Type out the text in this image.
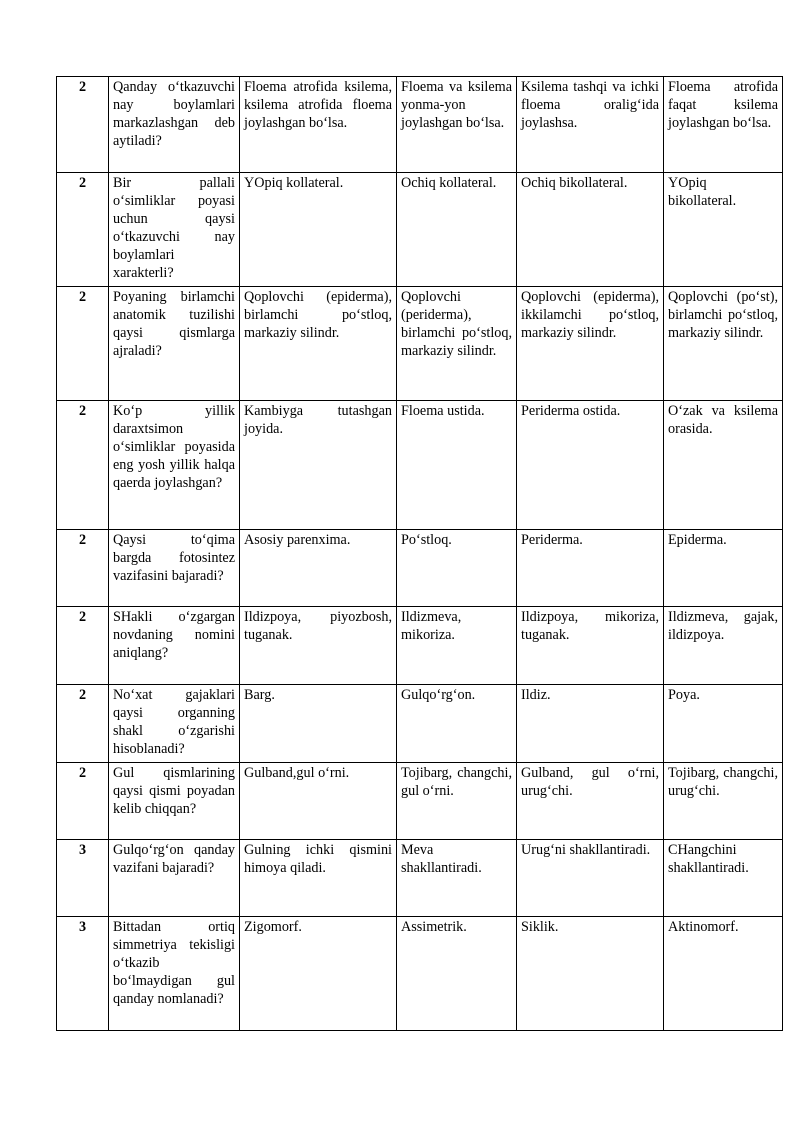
2	Qanday o‘tkazuvchi nay boylamlari markazlashgan deb aytiladi?	Floema atrofida ksilema, ksilema atrofida floema joylashgan bo‘lsa.	Floema va ksilema yonma-yon joylashgan bo‘lsa.	Ksilema tashqi va ichki floema oralig‘ida joylashsa.	Floema atrofida faqat ksilema joylashgan bo‘lsa.
2	Bir pallali o‘simliklar poyasi uchun qaysi o‘tkazuvchi nay boylamlari xarakterli?	YOpiq kollateral.	Ochiq kollateral.	Ochiq bikollateral.	YOpiq bikollateral.
2	Poyaning birlamchi anatomik tuzilishi qaysi qismlarga ajraladi?	Qoplovchi (epiderma), birlamchi po‘stloq, markaziy silindr.	Qoplovchi (periderma), birlamchi po‘stloq, markaziy silindr.	Qoplovchi (epiderma), ikkilamchi po‘stloq, markaziy silindr.	Qoplovchi (po‘st), birlamchi po‘stloq, markaziy silindr.
2	Ko‘p yillik daraxtsimon o‘simliklar poyasida eng yosh yillik halqa qaerda joylashgan?	Kambiyga tutashgan joyida.	Floema ustida.	Periderma ostida.	O‘zak va ksilema orasida.
2	Qaysi to‘qima bargda fotosintez vazifasini bajaradi?	Asosiy parenxima.	Po‘stloq.	Periderma.	Epiderma.
2	SHakli o‘zgargan novdaning nomini aniqlang?	Ildizpoya, piyozbosh, tuganak.	Ildizmeva, mikoriza.	Ildizpoya, mikoriza, tuganak.	Ildizmeva, gajak, ildizpoya.
2	No‘xat gajaklari qaysi organning shakl o‘zgarishi hisoblanadi?	Barg.	Gulqo‘rg‘on.	Ildiz.	Poya.
2	Gul qismlarining qaysi qismi poyadan kelib chiqqan?	Gulband,gul o‘rni.	Tojibarg, changchi, gul o‘rni.	Gulband, gul o‘rni, urug‘chi.	Tojibarg, changchi, urug‘chi.
3	Gulqo‘rg‘on qanday vazifani bajaradi?	Gulning ichki qismini himoya qiladi.	Meva shakllantiradi.	Urug‘ni shakllantiradi.	CHangchini shakllantiradi.
3	Bittadan ortiq simmetriya tekisligi o‘tkazib bo‘lmaydigan gul qanday nomlanadi?	Zigomorf.	Assimetrik.	Siklik.	Aktinomorf.
